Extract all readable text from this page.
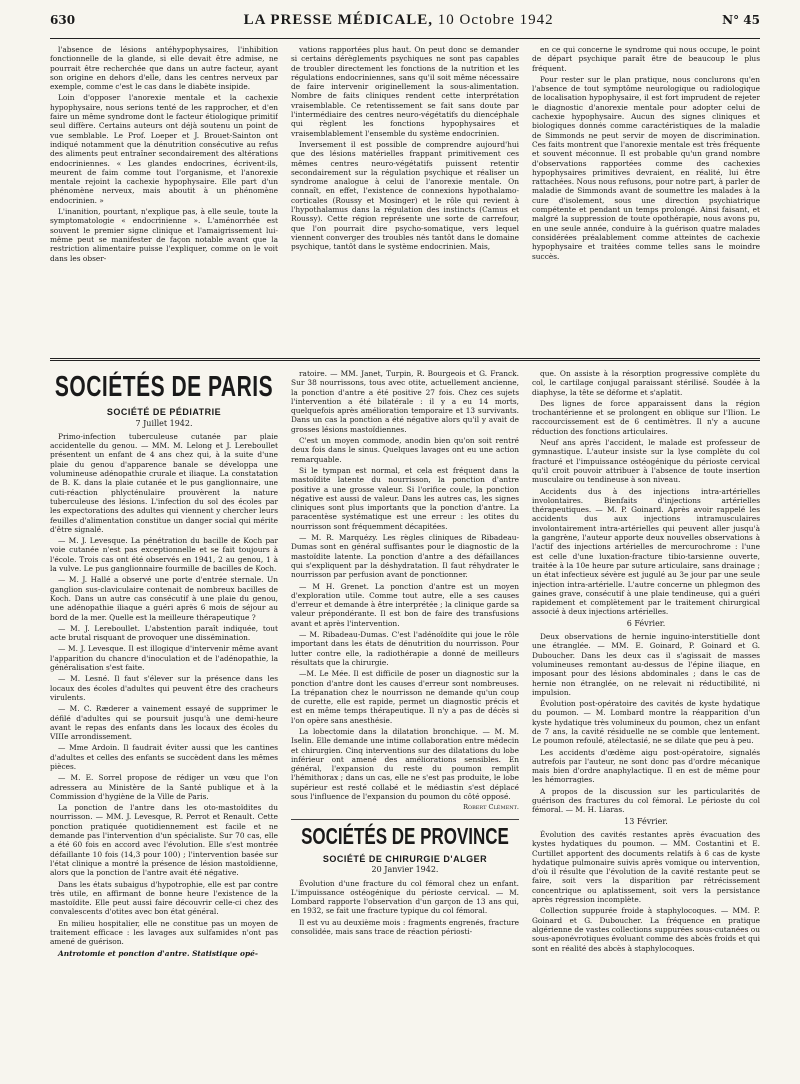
630	LA PRESSE MÉDICALE, 10 Octobre 1942	N° 45

l'absence de lésions antéhypophysaires, l'inhibition fonctionnelle de la glande, si elle devait être admise, ne pourrait être recherchée que dans un autre facteur, ayant son origine en dehors d'elle, dans les centres nerveux par exemple, comme c'est le cas dans le diabète insipide.

Loin d'opposer l'anorexie mentale et la cachexie hypophysaire, nous serions tenté de les rapprocher, et d'en faire un même syndrome dont le facteur étiologique primitif seul diffère. Certains auteurs ont déjà soutenu un point de vue semblable. Le Prof. Loeper et J. Brouet-Sainton ont indiqué notamment que la dénutrition consécutive au refus des aliments peut entraîner secondairement des altérations endocriniennes. « Les glandes endocrines, écrivent-ils, meurent de faim comme tout l'organisme, et l'anorexie mentale rejoint la cachexie hypophysaire. Elle part d'un phénomène nerveux, mais aboutit à un phénomène endocrinien. »

L'inanition, pourtant, n'explique pas, à elle seule, toute la symptomatologie « endocrinienne ». L'aménorrhée est souvent le premier signe clinique et l'amaigrissement lui-même peut se manifester de façon notable avant que la restriction alimentaire puisse l'expliquer, comme on le voit dans les obser-

vations rapportées plus haut. On peut donc se demander si certains dérèglements psychiques ne sont pas capables de troubler directement les fonctions de la nutrition et les régulations endocriniennes, sans qu'il soit même nécessaire de faire intervenir originellement la sous-alimentation. Nombre de faits cliniques rendent cette interprétation vraisemblable. Ce retentissement se fait sans doute par l'intermédiaire des centres neuro-végétatifs du diencéphale qui règlent les fonctions hypophysaires et vraisemblablement l'ensemble du système endocrinien.

Inversement il est possible de comprendre aujourd'hui que des lésions matérielles frappant primitivement ces mêmes centres neuro-végétatifs puissent retentir secondairement sur la régulation psychique et réaliser un syndrome analogue à celui de l'anorexie mentale. On connaît, en effet, l'existence de connexions hypothalamo-corticales (Roussy et Mosinger) et le rôle qui revient à l'hypothalamus dans la régulation des instincts (Camus et Roussy). Cette région représente une sorte de carrefour, que l'on pourrait dire psycho-somatique, vers lequel viennent converger des troubles nés tantôt dans le domaine psychique, tantôt dans le système endocrinien. Mais,

en ce qui concerne le syndrome qui nous occupe, le point de départ psychique paraît être de beaucoup le plus fréquent.

Pour rester sur le plan pratique, nous conclurons qu'en l'absence de tout symptôme neurologique ou radiologique de localisation hypophysaire, il est fort imprudent de rejeter le diagnostic d'anorexie mentale pour adopter celui de cachexie hypophysaire. Aucun des signes cliniques et biologiques donnés comme caractéristiques de la maladie de Simmonds ne peut servir de moyen de discrimination. Ces faits montrent que l'anorexie mentale est très fréquente et souvent méconnue. Il est probable qu'un grand nombre d'observations rapportées comme des cachexies hypophysaires primitives devraient, en réalité, lui être rattachées. Nous nous refusons, pour notre part, à parler de maladie de Simmonds avant de soumettre les malades à la cure d'isolement, sous une direction psychiatrique compétente et pendant un temps prolongé. Ainsi faisant, et malgré la suppression de toute opothérapie, nous avons pu, en une seule année, conduire à la guérison quatre malades considérées préalablement comme atteintes de cachexie hypophysaire et traitées comme telles sans le moindre succès.

SOCIÉTÉS DE PARIS
SOCIÉTÉ DE PÉDIATRIE
7 Juillet 1942.

Primo-infection tuberculeuse cutanée par plaie accidentelle du genou. — MM. M. Lelong et J. Lereboullet présentent un enfant de 4 ans chez qui, à la suite d'une plaie du genou d'apparence banale se développa une volumineuse adénopathie crurale et iliaque. La constatation de B. K. dans la plaie cutanée et le pus ganglionnaire, une cuti-réaction phlycténulaire prouvèrent la nature tuberculeuse des lésions. L'infection du sol des écoles par les expectorations des adultes qui viennent y chercher leurs feuilles d'alimentation constitue un danger social qui mérite d'être signalé.

— M. J. Levesque. La pénétration du bacille de Koch par voie cutanée n'est pas exceptionnelle et se fait toujours à l'école. Trois cas ont été observés en 1941, 2 au genou, 1 à la vulve. Le pus ganglionnaire fourmille de bacilles de Koch.

— M. J. Hallé a observé une porte d'entrée sternale. Un ganglion sus-claviculaire contenait de nombreux bacilles de Koch. Dans un autre cas consécutif à une plaie du genou, une adénopathie iliaque a guéri après 6 mois de séjour au bord de la mer. Quelle est la meilleure thérapeutique ?

— M. J. Lereboullet. L'abstention paraît indiquée, tout acte brutal risquant de provoquer une dissémination.

— M. J. Levesque. Il est illogique d'intervenir même avant l'apparition du chancre d'inoculation et de l'adénopathie, la généralisation s'est faite.

— M. Lesné. Il faut s'élever sur la présence dans les locaux des écoles d'adultes qui peuvent être des cracheurs virulents.

— M. C. Ræderer a vainement essayé de supprimer le défilé d'adultes qui se poursuit jusqu'à une demi-heure avant le repas des enfants dans les locaux des écoles du VIIIe arrondissement.

— Mme Ardoin. Il faudrait éviter aussi que les cantines d'adultes et celles des enfants se succèdent dans les mêmes pièces.

— M. E. Sorrel propose de rédiger un vœu que l'on adressera au Ministère de la Santé publique et à la Commission d'hygiène de la Ville de Paris.

La ponction de l'antre dans les oto-mastoïdites du nourrisson. — MM. J. Levesque, R. Perrot et Renault. Cette ponction pratiquée quotidiennement est facile et ne demande pas l'intervention d'un spécialiste. Sur 70 cas, elle a été 60 fois en accord avec l'évolution. Elle s'est montrée défaillante 10 fois (14,3 pour 100) ; l'intervention basée sur l'état clinique a montré la présence de lésion mastoïdienne, alors que la ponction de l'antre avait été négative.

Dans les états subaigus d'hypotrophie, elle est par contre très utile, en affirmant de bonne heure l'existence de la mastoïdite. Elle peut aussi faire découvrir celle-ci chez des convalescents d'otites avec bon état général.

En milieu hospitalier, elle ne constitue pas un moyen de traitement efficace : les lavages aux sulfamides n'ont pas amené de guérison.

Antrotomie et ponction d'antre. Statistique opé-

ratoire. — MM. Janet, Turpin, R. Bourgeois et G. Franck. Sur 38 nourrissons, tous avec otite, actuellement ancienne, la ponction d'antre a été positive 27 fois. Chez ces sujets l'intervention a été bilatérale : il y a eu 14 morts, quelquefois après amélioration temporaire et 13 survivants. Dans un cas la ponction a été négative alors qu'il y avait de grosses lésions mastoïdiennes.

C'est un moyen commode, anodin bien qu'on soit rentré deux fois dans le sinus. Quelques lavages ont eu une action remarquable.

Si le tympan est normal, et cela est fréquent dans la mastoïdite latente du nourrisson, la ponction d'antre positive a une grosse valeur. Si l'orifice coule, la ponction négative est aussi de valeur. Dans les autres cas, les signes cliniques sont plus importants que la ponction d'antre. La paracentèse systématique est une erreur : les otites du nourrisson sont fréquemment décapitées.

— M. R. Marquézy. Les règles cliniques de Ribadeau-Dumas sont en général suffisantes pour le diagnostic de la mastoïdite latente. La ponction d'antre a des défaillances qui s'expliquent par la déshydratation. Il faut réhydrater le nourrisson par perfusion avant de ponctionner.

— M H. Grenet. La ponction d'antre est un moyen d'exploration utile. Comme tout autre, elle a ses causes d'erreur et demande à être interprétée ; la clinique garde sa valeur prépondérante. Il est bon de faire des transfusions avant et après l'intervention.

— M. Ribadeau-Dumas. C'est l'adénoïdite qui joue le rôle important dans les états de dénutrition du nourrisson. Pour lutter contre elle, la radiothérapie a donné de meilleurs résultats que la chirurgie.

—M. Le Mée. Il est difficile de poser un diagnostic sur la ponction d'antre dont les causes d'erreur sont nombreuses. La trépanation chez le nourrisson ne demande qu'un coup de curette, elle est rapide, permet un diagnostic précis et est en même temps thérapeutique. Il n'y a pas de décès si l'on opère sans anesthésie.

La lobectomie dans la dilatation bronchique. — M. M. Iselin. Elle demande une intime collaboration entre médecin et chirurgien. Cinq interventions sur des dilatations du lobe inférieur ont amené des améliorations sensibles. En général, l'expansion du reste du poumon remplit l'hémithorax ; dans un cas, elle ne s'est pas produite, le lobe supérieur est resté collabé et le médiastin s'est déplacé sous l'influence de l'expansion du poumon du côté opposé.

Robert Clément.
SOCIÉTÉS DE PROVINCE
SOCIÉTÉ DE CHIRURGIE D'ALGER
20 Janvier 1942.

Évolution d'une fracture du col fémoral chez un enfant. L'impuissance ostéogénique du périoste cervical. — M. Lombard rapporte l'observation d'un garçon de 13 ans qui, en 1932, se fait une fracture typique du col fémoral.

Il est vu au deuxième mois : fragments engrenés, fracture consolidée, mais sans trace de réaction périosti-

que. On assiste à la résorption progressive complète du col, le cartilage conjugal paraissant stérilisé. Soudée à la diaphyse, la tête se déforme et s'aplatit.

Des lignes de force apparaissent dans la région trochantérienne et se prolongent en oblique sur l'Ilion. Le raccourcissement est de 6 centimètres. Il n'y a aucune réduction des fonctions articulaires.

Neuf ans après l'accident, le malade est professeur de gymnastique. L'auteur insiste sur la lyse complète du col fracturé et l'impuissance ostéogénique du périoste cervical qu'il croit pouvoir attribuer à l'absence de toute insertion musculaire ou tendineuse à son niveau.

Accidents dus à des injections intra-artérielles involontaires. Bienfaits d'injections artérielles thérapeutiques. — M. P. Goinard. Après avoir rappelé les accidents dus aux injections intramusculaires involontairement intra-artérielles qui peuvent aller jusqu'à la gangrène, l'auteur apporte deux nouvelles observations à l'actif des injections artérielles de mercurochrome : l'une est celle d'une luxation-fracture tibio-tarsienne ouverte, traitée à la 10e heure par suture articulaire, sans drainage ; un état infectieux sévère est jugulé au 3e jour par une seule injection intra-artérielle. L'autre concerne un phlegmon des gaines grave, consécutif à une plaie tendineuse, qui a guéri rapidement et complètement par le traitement chirurgical associé à deux injections artérielles.

6 Février.

Deux observations de hernie inguino-interstitielle dont une étranglée. — MM. E. Goinard, P. Goinard et G. Duboucher. Dans les deux cas il s'agissait de masses volumineuses remontant au-dessus de l'épine iliaque, en imposant pour des lésions abdominales ; dans le cas de hernie non étranglée, on ne relevait ni réductibilité, ni impulsion.

Évolution post-opératoire des cavités de kyste hydatique du poumon. — M. Lombard montre la réapparition d'un kyste hydatique très volumineux du poumon, chez un enfant de 7 ans, la cavité résiduelle ne se comble que lentement. Le poumon refoulé, atélectasié, ne se dilate que peu à peu.

Les accidents d'œdème aigu post-opératoire, signalés autrefois par l'auteur, ne sont donc pas d'ordre mécanique mais bien d'ordre anaphylactique. Il en est de même pour les hémorragies.

A propos de la discussion sur les particularités de guérison des fractures du col fémoral. Le périoste du col fémoral. — M. H. Liaras.

13 Février.

Évolution des cavités restantes après évacuation des kystes hydatiques du poumon. — MM. Costantini et E. Curtillet apportent des documents relatifs à 6 cas de kyste hydatique pulmonaire suivis après vomique ou intervention, d'où il résulte que l'évolution de la cavité restante peut se faire, soit vers la disparition par rétrécissement concentrique ou aplatissement, soit vers la persistance après régression incomplète.

Collection suppurée froide à staphylocoques. — MM. P. Goinard et G. Duboucher. La fréquence en pratique algérienne de vastes collections suppurées sous-cutanées ou sous-aponévrotiques évoluant comme des abcès froids et qui sont en réalité des abcès à staphylocoques.
